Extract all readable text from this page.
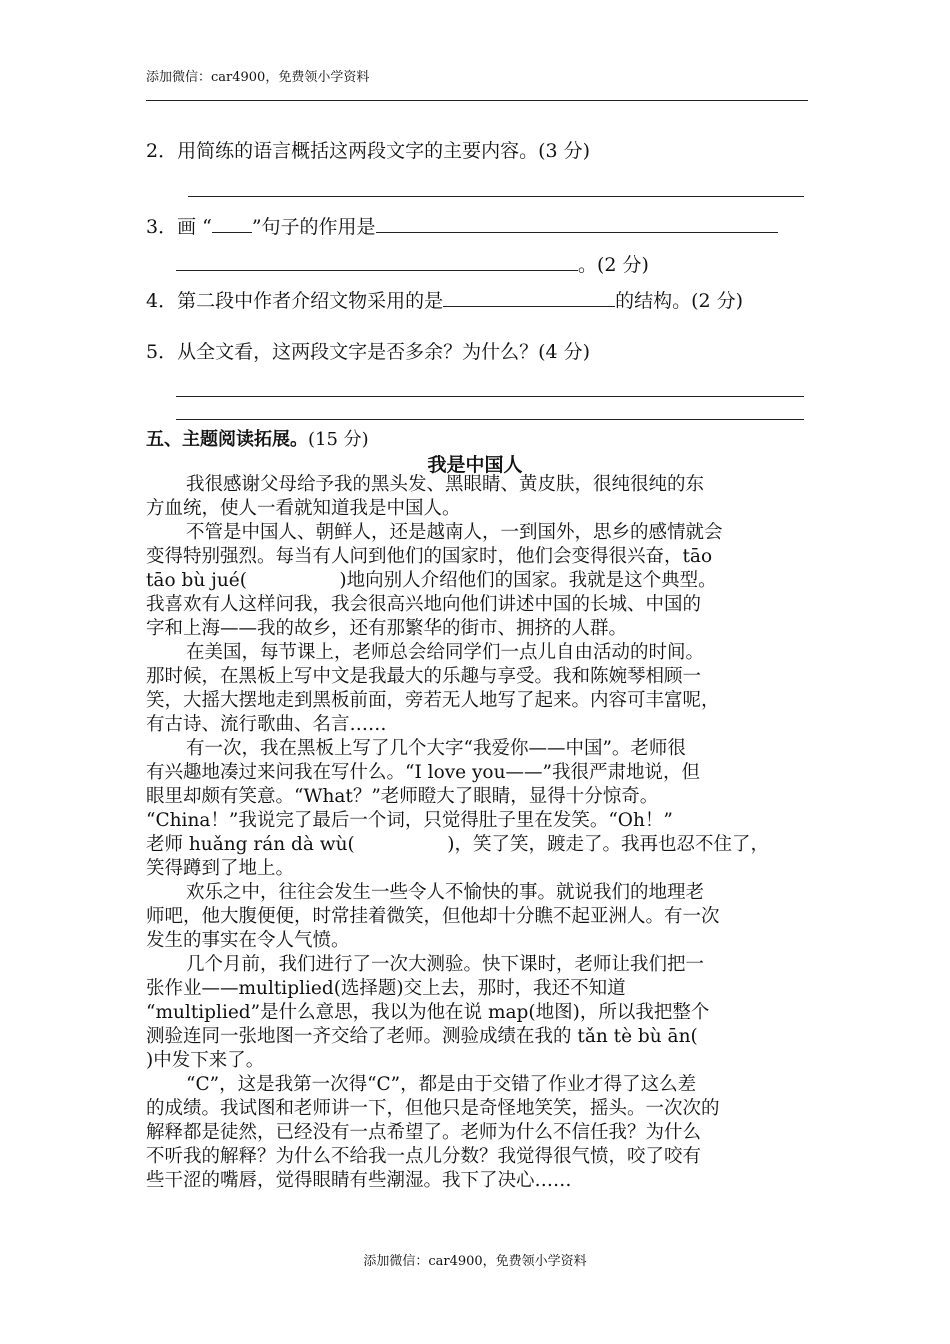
添加微信：car4900，免费领小学资料
2．用简练的语言概括这两段文字的主要内容。(3 分)
3．画 “ ”句子的作用是
。(2 分)
4．第二段中作者介绍文物采用的是	的结构。(2 分)
5．从全文看，这两段文字是否多余？为什么？(4 分)
五、主题阅读拓展。(15 分)
我是中国人
我很感谢父母给予我的黑头发、黑眼睛、黄皮肤，很纯很纯的东
方血统，使人一看就知道我是中国人。
不管是中国人、朝鲜人，还是越南人，一到国外，思乡的感情就会
变得特别强烈。每当有人问到他们的国家时，他们会变得很兴奋，tāo
tāo bù jué(　　　　　)地向别人介绍他们的国家。我就是这个典型。
我喜欢有人这样问我，我会很高兴地向他们讲述中国的长城、中国的
字和上海——我的故乡，还有那繁华的街市、拥挤的人群。
在美国，每节课上，老师总会给同学们一点儿自由活动的时间。
那时候，在黑板上写中文是我最大的乐趣与享受。我和陈婉琴相顾一
笑，大摇大摆地走到黑板前面，旁若无人地写了起来。内容可丰富呢，
有古诗、流行歌曲、名言……
有一次，我在黑板上写了几个大字“我爱你——中国”。老师很
有兴趣地凑过来问我在写什么。“I love you——”我很严肃地说，但
眼里却颇有笑意。“What？”老师瞪大了眼睛，显得十分惊奇。
“China！”我说完了最后一个词，只觉得肚子里在发笑。“Oh！”
老师 huǎng rán dà wù(　　　　　)，笑了笑，踱走了。我再也忍不住了，
笑得蹲到了地上。
欢乐之中，往往会发生一些令人不愉快的事。就说我们的地理老
师吧，他大腹便便，时常挂着微笑，但他却十分瞧不起亚洲人。有一次
发生的事实在令人气愤。
几个月前，我们进行了一次大测验。快下课时，老师让我们把一
张作业——multiplied(选择题)交上去，那时，我还不知道
“multiplied”是什么意思，我以为他在说 map(地图)，所以我把整个
测验连同一张地图一齐交给了老师。测验成绩在我的 tǎn tè bù ān(
)中发下来了。
“C”，这是我第一次得“C”，都是由于交错了作业才得了这么差
的成绩。我试图和老师讲一下，但他只是奇怪地笑笑，摇头。一次次的
解释都是徒然，已经没有一点希望了。老师为什么不信任我？为什么
不听我的解释？为什么不给我一点儿分数？我觉得很气愤，咬了咬有
些干涩的嘴唇，觉得眼睛有些潮湿。我下了决心……
添加微信：car4900，免费领小学资料
